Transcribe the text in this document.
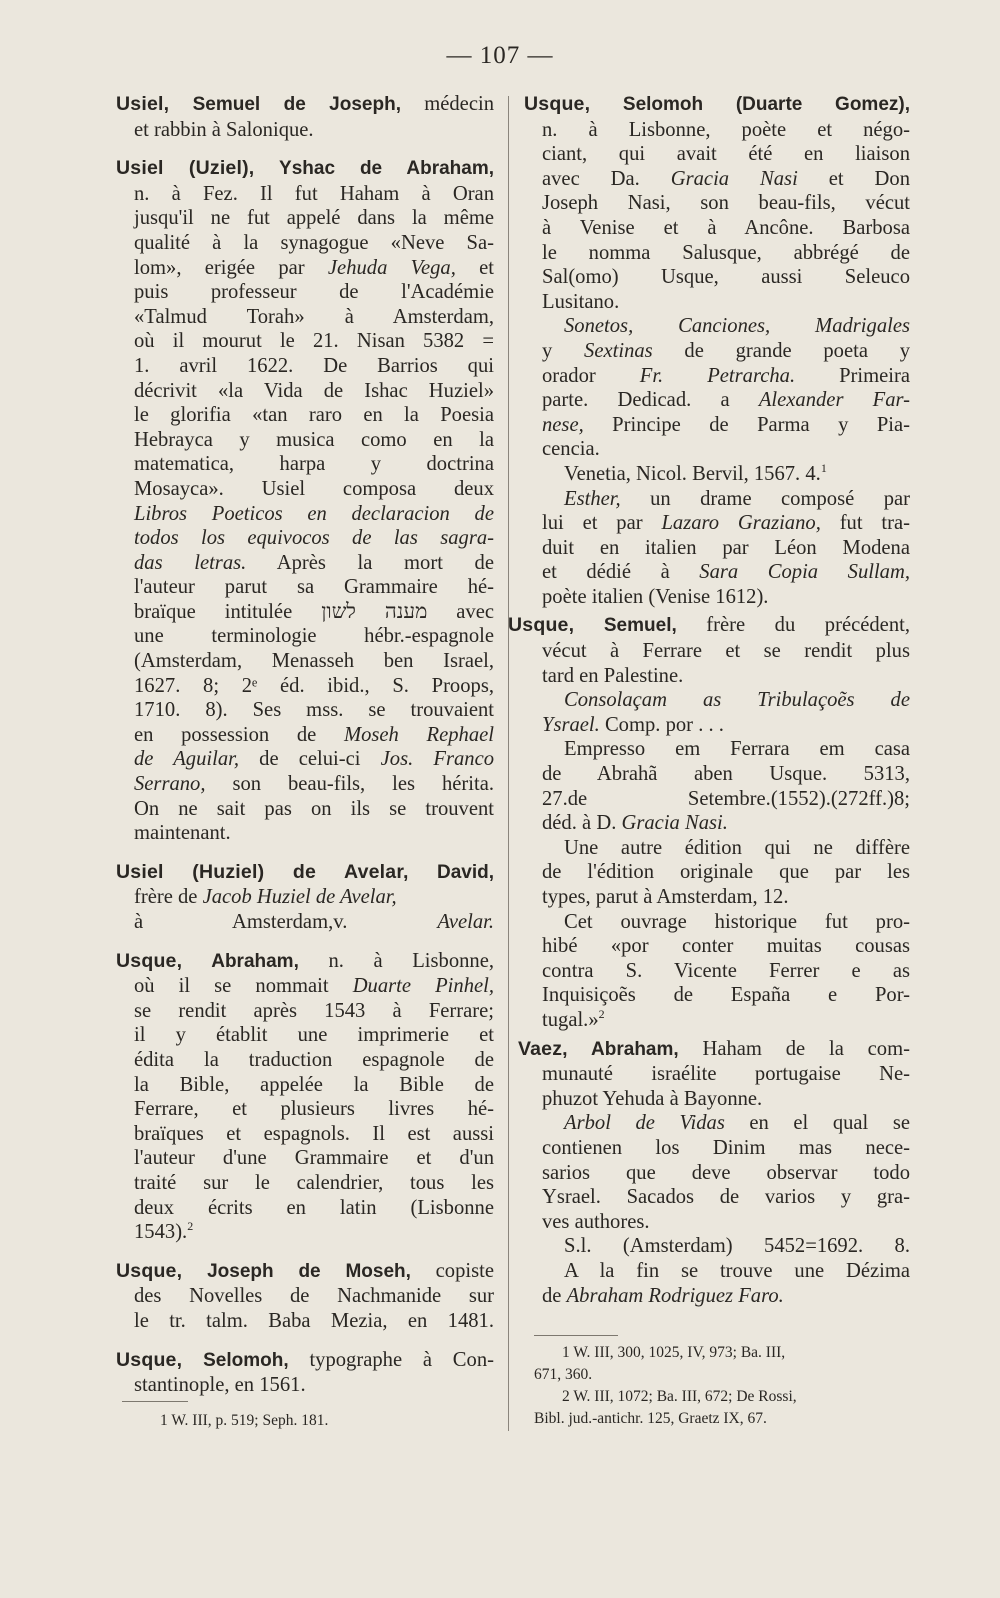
— 107 —
Usiel, Semuel de Joseph, médecin
et rabbin à Salonique.
Usiel (Uziel), Yshac de Abraham,
n. à Fez. Il fut Haham à Oran
jusqu'il ne fut appelé dans la même
qualité à la synagogue «Neve Sa-
lom», erigée par Jehuda Vega, et
puis professeur de l'Académie
«Talmud Torah» à Amsterdam,
où il mourut le 21. Nisan 5382 =
1. avril 1622. De Barrios qui
décrivit «la Vida de Ishac Huziel»
le glorifia «tan raro en la Poesia
Hebrayca y musica como en la
matematica, harpa y doctrina
Mosayca». Usiel composa deux
Libros Poeticos en declaracion de
todos los equivocos de las sagra-
das letras. Après la mort de
l'auteur parut sa Grammaire hé-
braïque intitulée מענה לשון avec
une terminologie hébr.-espagnole
(Amsterdam, Menasseh ben Israel,
1627. 8; 2ᵉ éd. ibid., S. Proops,
1710. 8). Ses mss. se trouvaient
en possession de Moseh Rephael
de Aguilar, de celui-ci Jos. Franco
Serrano, son beau-fils, les hérita.
On ne sait pas on ils se trouvent
maintenant.
Usiel (Huziel) de Avelar, David,
frère de Jacob Huziel de Avelar,
à Amsterdam,v. Avelar.
Usque, Abraham, n. à Lisbonne,
où il se nommait Duarte Pinhel,
se rendit après 1543 à Ferrare;
il y établit une imprimerie et
édita la traduction espagnole de
la Bible, appelée la Bible de
Ferrare, et plusieurs livres hé-
braïques et espagnols. Il est aussi
l'auteur d'une Grammaire et d'un
traité sur le calendrier, tous les
deux écrits en latin (Lisbonne
1543).$^2$
Usque, Joseph de Moseh, copiste
des Novelles de Nachmanide sur
le tr. talm. Baba Mezia, en 1481.
Usque, Selomoh, typographe à Con-
stantinople, en 1561.
Usque, Selomoh (Duarte Gomez),
n. à Lisbonne, poète et négo-
ciant, qui avait été en liaison
avec Da. Gracia Nasi et Don
Joseph Nasi, son beau-fils, vécut
à Venise et à Ancône. Barbosa
le nomma Salusque, abbrégé de
Sal(omo) Usque, aussi Seleuco
Lusitano.
Sonetos, Canciones, Madrigales
y Sextinas de grande poeta y
orador Fr. Petrarcha. Primeira
parte. Dedicad. a Alexander Far-
nese, Principe de Parma y Pia-
cencia.
Venetia, Nicol. Bervil, 1567. 4.$^1$
Esther, un drame composé par
lui et par Lazaro Graziano, fut tra-
duit en italien par Léon Modena
et dédié à Sara Copia Sullam,
poète italien (Venise 1612).
Usque, Semuel, frère du précédent,
vécut à Ferrare et se rendit plus
tard en Palestine.
Consolaçam as Tribulaçoẽs de
Ysrael. Comp. por . . .
Empresso em Ferrara em casa
de Abrahã aben Usque. 5313,
27.de Setembre.(1552).(272ff.)8;
déd. à D. Gracia Nasi.
Une autre édition qui ne diffère
de l'édition originale que par les
types, parut à Amsterdam, 12.
Cet ouvrage historique fut pro-
hibé «por conter muitas cousas
contra S. Vicente Ferrer e as
Inquisiçoẽs de España e Por-
tugal.»$^2$
Vaez, Abraham, Haham de la com-
munauté israélite portugaise Ne-
phuzot Yehuda à Bayonne.
Arbol de Vidas en el qual se
contienen los Dinim mas nece-
sarios que deve observar todo
Ysrael. Sacados de varios y gra-
ves authores.
S.l. (Amsterdam) 5452=1692. 8.
A la fin se trouve une Dézima
de Abraham Rodriguez Faro.
1 W. III, p. 519; Seph. 181.
1 W. III, 300, 1025, IV, 973; Ba. III,
671, 360.
2 W. III, 1072; Ba. III, 672; De Rossi,
Bibl. jud.-antichr. 125, Graetz IX, 67.
